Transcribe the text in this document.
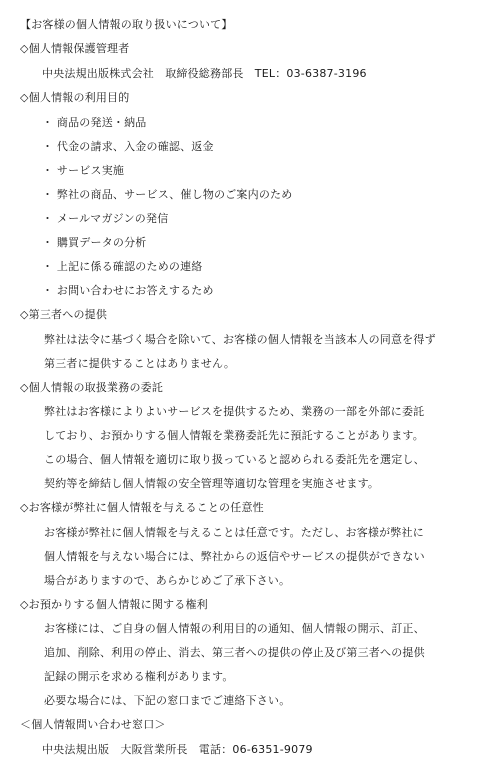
【お客様の個人情報の取り扱いについて】
◇個人情報保護管理者
中央法規出版株式会社　取締役総務部長　TEL：03-6387-3196
◇個人情報の利用目的
・ 商品の発送・納品
・ 代金の請求、入金の確認、返金
・ サービス実施
・ 弊社の商品、サービス、催し物のご案内のため
・ メールマガジンの発信
・ 購買データの分析
・ 上記に係る確認のための連絡
・ お問い合わせにお答えするため
◇第三者への提供
弊社は法令に基づく場合を除いて、お客様の個人情報を当該本人の同意を得ず
第三者に提供することはありません。
◇個人情報の取扱業務の委託
弊社はお客様によりよいサービスを提供するため、業務の一部を外部に委託
しており、お預かりする個人情報を業務委託先に預託することがあります。
この場合、個人情報を適切に取り扱っていると認められる委託先を選定し、
契約等を締結し個人情報の安全管理等適切な管理を実施させます。
◇お客様が弊社に個人情報を与えることの任意性
お客様が弊社に個人情報を与えることは任意です。ただし、お客様が弊社に
個人情報を与えない場合には、弊社からの返信やサービスの提供ができない
場合がありますので、あらかじめご了承下さい。
◇お預かりする個人情報に関する権利
お客様には、ご自身の個人情報の利用目的の通知、個人情報の開示、訂正、
追加、削除、利用の停止、消去、第三者への提供の停止及び第三者への提供
記録の開示を求める権利があります。
必要な場合には、下記の窓口までご連絡下さい。
＜個人情報問い合わせ窓口＞
中央法規出版　大阪営業所長　電話：06-6351-9079
